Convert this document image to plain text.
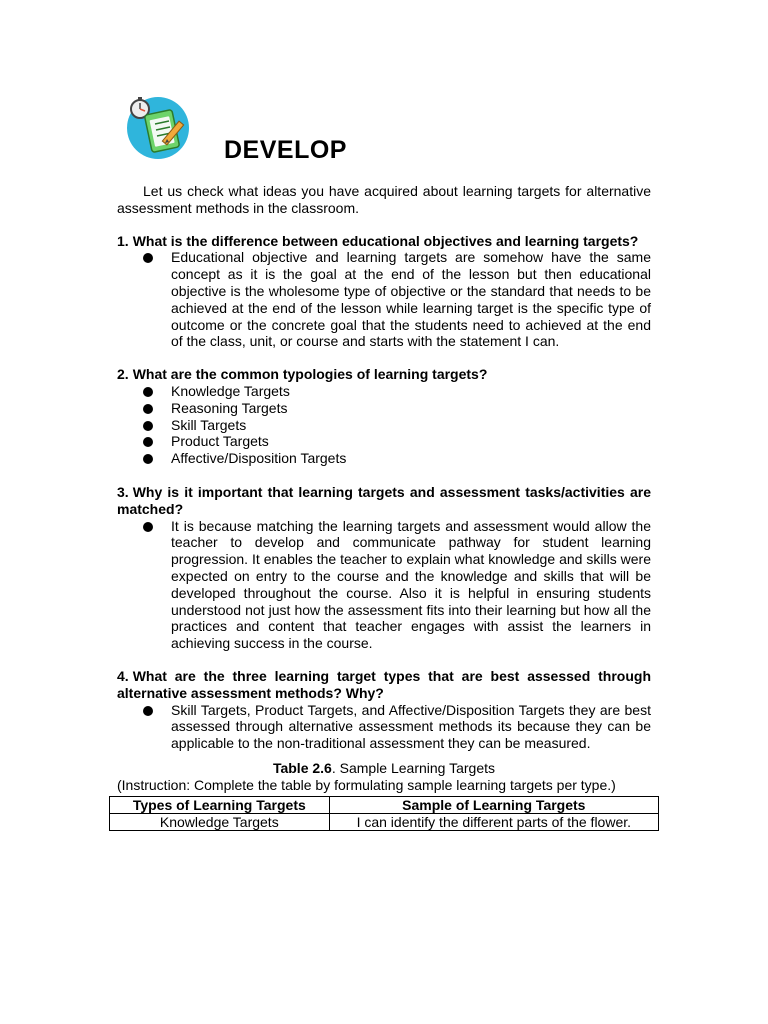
DEVELOP

Let us check what ideas you have acquired about learning targets for alternative assessment methods in the classroom.

1. What is the difference between educational objectives and learning targets?

Educational objective and learning targets are somehow have the same concept as it is the goal at the end of the lesson but then educational objective is the wholesome type of objective or the standard that needs to be achieved at the end of the lesson while learning target is the specific type of outcome or the concrete goal that the students need to achieved at the end of the class, unit, or course and starts with the statement I can.

2. What are the common typologies of learning targets?

Knowledge Targets
Reasoning Targets
Skill Targets
Product Targets
Affective/Disposition Targets

3. Why is it important that learning targets and assessment tasks/activities are matched?

It is because matching the learning targets and assessment would allow the teacher to develop and communicate pathway for student learning progression. It enables the teacher to explain what knowledge and skills were expected on entry to the course and the knowledge and skills that will be developed throughout the course. Also it is helpful in ensuring students understood not just how the assessment fits into their learning but how all the practices and content that teacher engages with assist the learners in achieving success in the course.

4. What are the three learning target types that are best assessed through alternative assessment methods? Why?

Skill Targets, Product Targets, and Affective/Disposition Targets they are best assessed through alternative assessment methods its because they can be applicable to the non-traditional assessment they can be measured.
Table 2.6. Sample Learning Targets

(Instruction: Complete the table by formulating sample learning targets per type.)

Types of Learning Targets	Sample of Learning Targets
Knowledge Targets	I can identify the different parts of the flower.
